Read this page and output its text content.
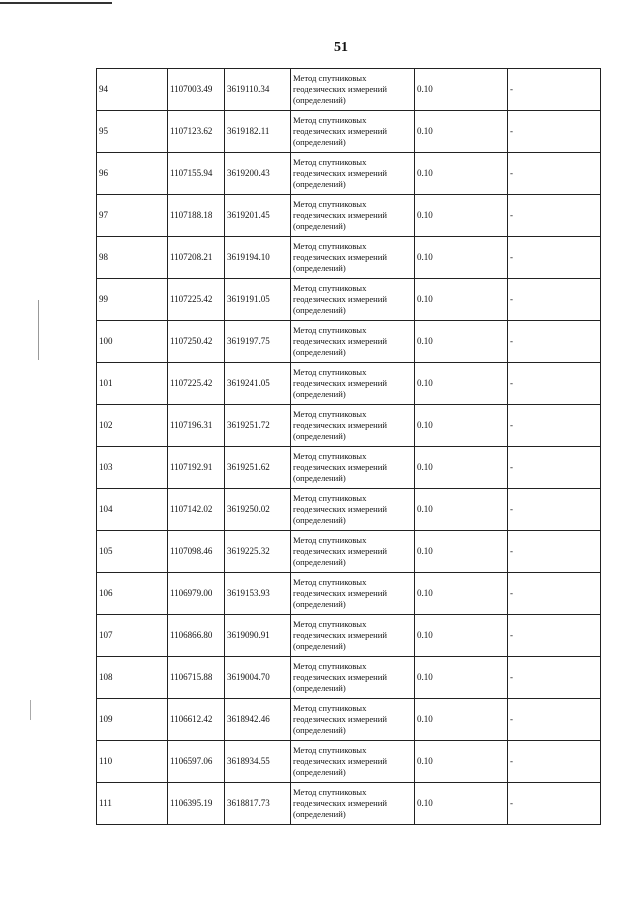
51
94	1107003.49	3619110.34	Метод спутниковых геодезических измерений (определений)	0.10	-
95	1107123.62	3619182.11	Метод спутниковых геодезических измерений (определений)	0.10	-
96	1107155.94	3619200.43	Метод спутниковых геодезических измерений (определений)	0.10	-
97	1107188.18	3619201.45	Метод спутниковых геодезических измерений (определений)	0.10	-
98	1107208.21	3619194.10	Метод спутниковых геодезических измерений (определений)	0.10	-
99	1107225.42	3619191.05	Метод спутниковых геодезических измерений (определений)	0.10	-
100	1107250.42	3619197.75	Метод спутниковых геодезических измерений (определений)	0.10	-
101	1107225.42	3619241.05	Метод спутниковых геодезических измерений (определений)	0.10	-
102	1107196.31	3619251.72	Метод спутниковых геодезических измерений (определений)	0.10	-
103	1107192.91	3619251.62	Метод спутниковых геодезических измерений (определений)	0.10	-
104	1107142.02	3619250.02	Метод спутниковых геодезических измерений (определений)	0.10	-
105	1107098.46	3619225.32	Метод спутниковых геодезических измерений (определений)	0.10	-
106	1106979.00	3619153.93	Метод спутниковых геодезических измерений (определений)	0.10	-
107	1106866.80	3619090.91	Метод спутниковых геодезических измерений (определений)	0.10	-
108	1106715.88	3619004.70	Метод спутниковых геодезических измерений (определений)	0.10	-
109	1106612.42	3618942.46	Метод спутниковых геодезических измерений (определений)	0.10	-
110	1106597.06	3618934.55	Метод спутниковых геодезических измерений (определений)	0.10	-
111	1106395.19	3618817.73	Метод спутниковых геодезических измерений (определений)	0.10	-
